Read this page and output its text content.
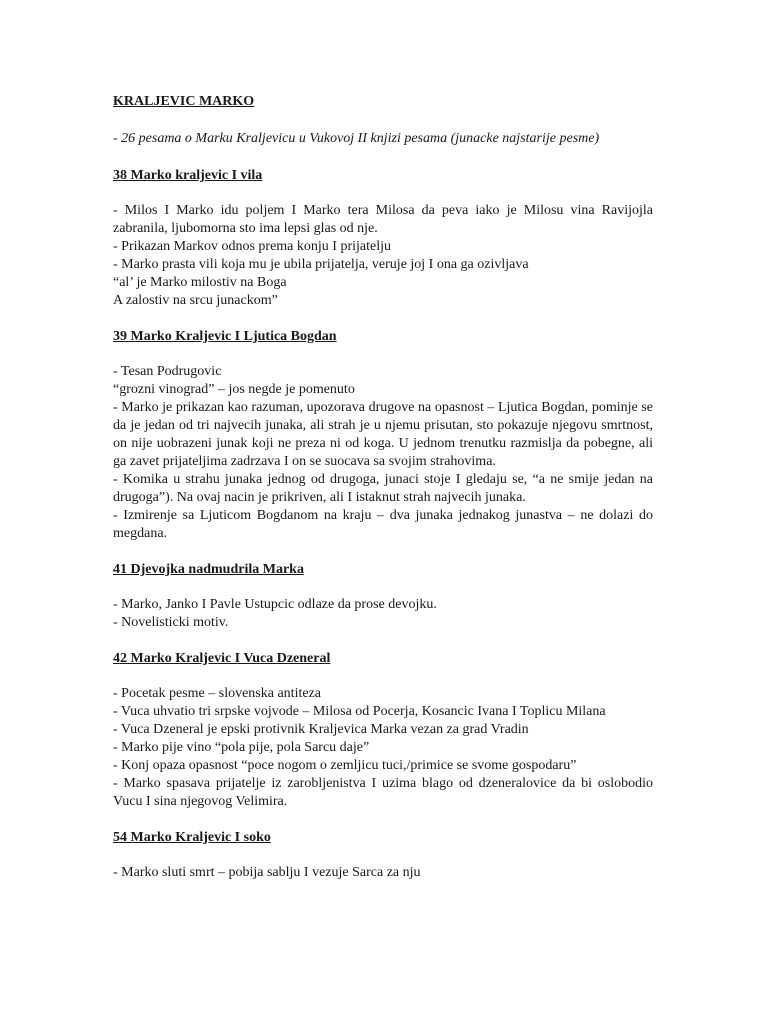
KRALJEVIC MARKO
- 26 pesama o Marku Kraljevicu u Vukovoj II knjizi pesama (junacke najstarije pesme)
38 Marko kraljevic I vila

- Milos I Marko idu poljem I Marko tera Milosa da peva iako je Milosu vina Ravijojla zabranila, ljubomorna sto ima lepsi glas od nje.

- Prikazan Markov odnos prema konju I prijatelju

- Marko prasta vili koja mu je ubila prijatelja, veruje joj I ona ga ozivljava

“al’ je Marko milostiv na Boga

A zalostiv na srcu junackom”

39 Marko Kraljevic I Ljutica Bogdan

- Tesan Podrugovic

“grozni vinograd” – jos negde je pomenuto

- Marko je prikazan kao razuman, upozorava drugove na opasnost – Ljutica Bogdan, pominje se da je jedan od tri najvecih junaka, ali strah je u njemu prisutan, sto pokazuje njegovu smrtnost, on nije uobrazeni junak koji ne preza ni od koga. U jednom trenutku razmislja da pobegne, ali ga zavet prijateljima zadrzava I on se suocava sa svojim strahovima.

- Komika u strahu junaka jednog od drugoga, junaci stoje I gledaju se, “a ne smije jedan na drugoga”). Na ovaj nacin je prikriven, ali I istaknut strah najvecih junaka.

- Izmirenje sa Ljuticom Bogdanom na kraju – dva junaka jednakog junastva – ne dolazi do megdana.

41 Djevojka nadmudrila Marka

- Marko, Janko I Pavle Ustupcic odlaze da prose devojku.

- Novelisticki motiv.

42 Marko Kraljevic I Vuca Dzeneral

- Pocetak pesme – slovenska antiteza

- Vuca uhvatio tri srpske vojvode – Milosa od Pocerja, Kosancic Ivana I Toplicu Milana

- Vuca Dzeneral je epski protivnik Kraljevica Marka vezan za grad Vradin

- Marko pije vino “pola pije, pola Sarcu daje”

- Konj opaza opasnost “poce nogom o zemljicu tuci,/primice se svome gospodaru”

- Marko spasava prijatelje iz zarobljenistva I uzima blago od dzeneralovice da bi oslobodio Vucu I sina njegovog Velimira.

54 Marko Kraljevic I soko

- Marko sluti smrt – pobija sablju I vezuje Sarca za nju
